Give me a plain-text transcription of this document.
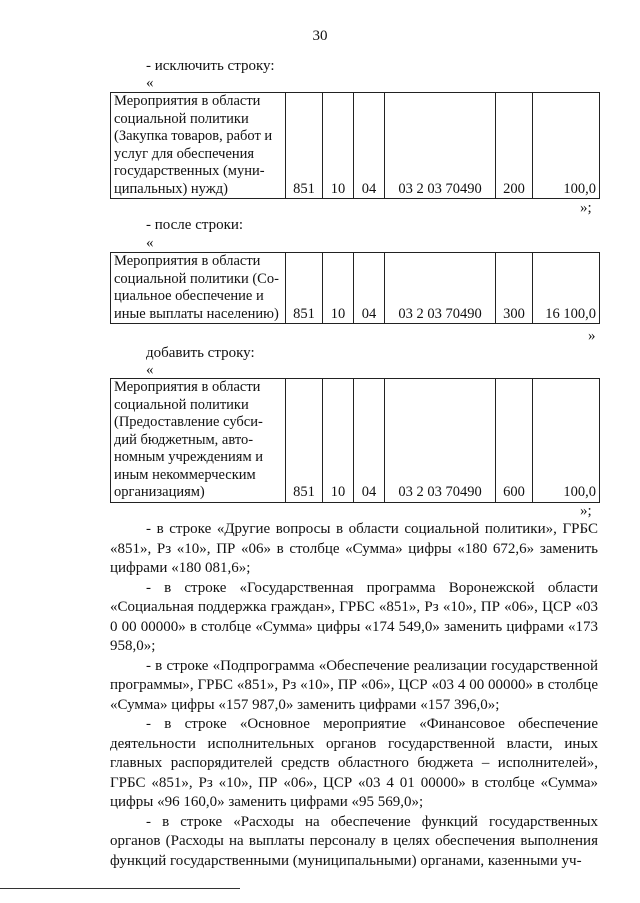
30
- исключить строку:
«
Мероприятия в области социальной политики (Закупка товаров, работ и услуг для обеспечения государственных (муни-ципальных) нужд)	851	10	04	03 2 03 70490	200	100,0
»;
- после строки:
«
Мероприятия в области социальной политики (Со-циальное обеспечение и иные выплаты населению)	851	10	04	03 2 03 70490	300	16 100,0
»
добавить строку:
«
Мероприятия в области социальной политики (Предоставление субси-дий бюджетным, авто-номным учреждениям и иным некоммерческим организациям)	851	10	04	03 2 03 70490	600	100,0
»;

- в строке «Другие вопросы в области социальной политики», ГРБС «851», Рз «10», ПР «06» в столбце «Сумма» цифры «180 672,6» заменить цифрами «180 081,6»;

- в строке «Государственная программа Воронежской области «Социальная поддержка граждан», ГРБС «851», Рз «10», ПР «06», ЦСР «03 0 00 00000» в столбце «Сумма» цифры «174 549,0» заменить цифрами «173 958,0»;

- в строке «Подпрограмма «Обеспечение реализации государственной программы», ГРБС «851», Рз «10», ПР «06», ЦСР «03 4 00 00000» в столбце «Сумма» цифры «157 987,0» заменить цифрами «157 396,0»;

- в строке «Основное мероприятие «Финансовое обеспечение деятельности исполнительных органов государственной власти, иных главных распорядителей средств областного бюджета – исполнителей», ГРБС «851», Рз «10», ПР «06», ЦСР «03 4 01 00000» в столбце «Сумма» цифры «96 160,0» заменить цифрами «95 569,0»;

- в строке «Расходы на обеспечение функций государственных органов (Расходы на выплаты персоналу в целях обеспечения выполнения функций государственными (муниципальными) органами, казенными уч-
